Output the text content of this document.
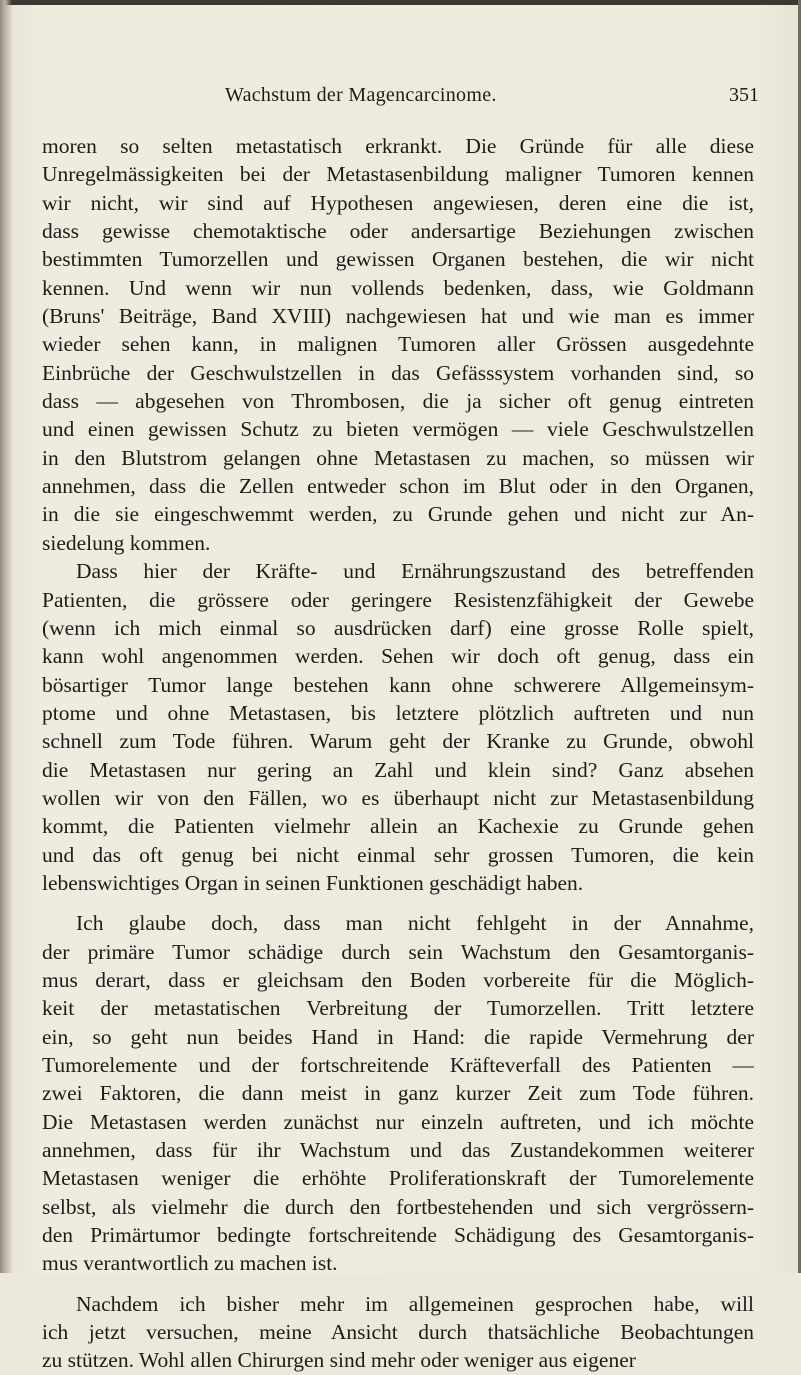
Wachstum der Magencarcinome.	351
moren so selten metastatisch erkrankt. Die Gründe für alle diese
Unregelmässigkeiten bei der Metastasenbildung maligner Tumoren kennen
wir nicht, wir sind auf Hypothesen angewiesen, deren eine die ist,
dass gewisse chemotaktische oder andersartige Beziehungen zwischen
bestimmten Tumorzellen und gewissen Organen bestehen, die wir nicht
kennen. Und wenn wir nun vollends bedenken, dass, wie Goldmann
(Bruns' Beiträge, Band XVIII) nachgewiesen hat und wie man es immer
wieder sehen kann, in malignen Tumoren aller Grössen ausgedehnte
Einbrüche der Geschwulstzellen in das Gefässsystem vorhanden sind, so
dass — abgesehen von Thrombosen, die ja sicher oft genug eintreten
und einen gewissen Schutz zu bieten vermögen — viele Geschwulstzellen
in den Blutstrom gelangen ohne Metastasen zu machen, so müssen wir
annehmen, dass die Zellen entweder schon im Blut oder in den Organen,
in die sie eingeschwemmt werden, zu Grunde gehen und nicht zur An-
siedelung kommen.
Dass hier der Kräfte- und Ernährungszustand des betreffenden
Patienten, die grössere oder geringere Resistenzfähigkeit der Gewebe
(wenn ich mich einmal so ausdrücken darf) eine grosse Rolle spielt,
kann wohl angenommen werden. Sehen wir doch oft genug, dass ein
bösartiger Tumor lange bestehen kann ohne schwerere Allgemeinsym-
ptome und ohne Metastasen, bis letztere plötzlich auftreten und nun
schnell zum Tode führen. Warum geht der Kranke zu Grunde, obwohl
die Metastasen nur gering an Zahl und klein sind? Ganz absehen
wollen wir von den Fällen, wo es überhaupt nicht zur Metastasenbildung
kommt, die Patienten vielmehr allein an Kachexie zu Grunde gehen
und das oft genug bei nicht einmal sehr grossen Tumoren, die kein
lebenswichtiges Organ in seinen Funktionen geschädigt haben.
Ich glaube doch, dass man nicht fehlgeht in der Annahme,
der primäre Tumor schädige durch sein Wachstum den Gesamtorganis-
mus derart, dass er gleichsam den Boden vorbereite für die Möglich-
keit der metastatischen Verbreitung der Tumorzellen. Tritt letztere
ein, so geht nun beides Hand in Hand: die rapide Vermehrung der
Tumorelemente und der fortschreitende Kräfteverfall des Patienten —
zwei Faktoren, die dann meist in ganz kurzer Zeit zum Tode führen.
Die Metastasen werden zunächst nur einzeln auftreten, und ich möchte
annehmen, dass für ihr Wachstum und das Zustandekommen weiterer
Metastasen weniger die erhöhte Proliferationskraft der Tumorelemente
selbst, als vielmehr die durch den fortbestehenden und sich vergrössern-
den Primärtumor bedingte fortschreitende Schädigung des Gesamtorganis-
mus verantwortlich zu machen ist.
Nachdem ich bisher mehr im allgemeinen gesprochen habe, will
ich jetzt versuchen, meine Ansicht durch thatsächliche Beobachtungen
zu stützen. Wohl allen Chirurgen sind mehr oder weniger aus eigener
